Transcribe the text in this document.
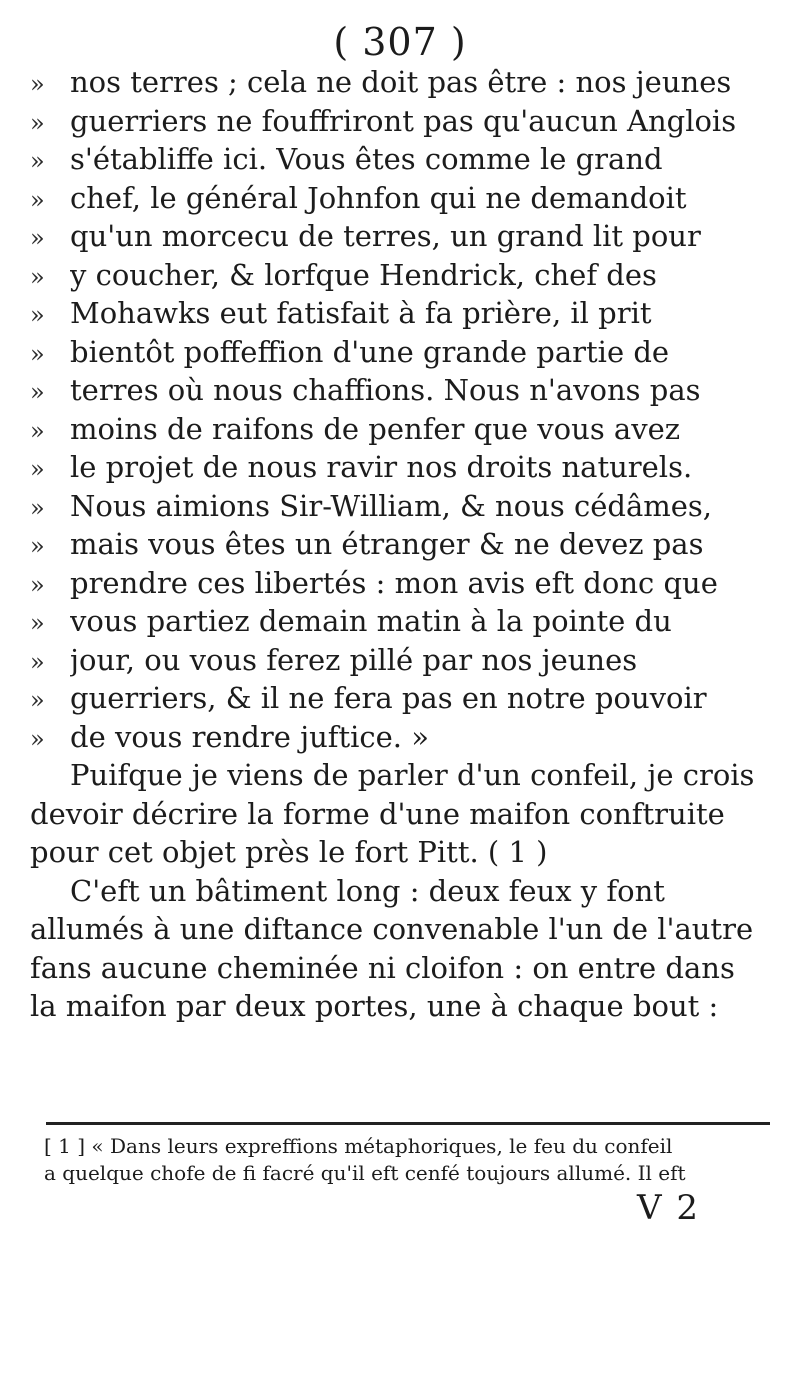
( 307 )
» nos terres ; cela ne doit pas être : nos jeunes
» guerriers ne fouffriront pas qu'aucun Anglois
» s'établiffe ici. Vous êtes comme le grand
» chef, le général Johnfon qui ne demandoit
» qu'un morcecu de terres, un grand lit pour
» y coucher, & lorfque Hendrick, chef des
» Mohawks eut fatisfait à fa prière, il prit
» bientôt poffeffion d'une grande partie de
» terres où nous chaffions. Nous n'avons pas
» moins de raifons de penfer que vous avez
» le projet de nous ravir nos droits naturels.
» Nous aimions Sir-William, & nous cédâmes,
» mais vous êtes un étranger & ne devez pas
» prendre ces libertés : mon avis eft donc que
» vous partiez demain matin à la pointe du
» jour, ou vous ferez pillé par nos jeunes
» guerriers, & il ne fera pas en notre pouvoir
» de vous rendre juftice. »
Puifque je viens de parler d'un confeil, je crois
devoir décrire la forme d'une maifon conftruite
pour cet objet près le fort Pitt. ( 1 )
C'eft un bâtiment long : deux feux y font
allumés à une diftance convenable l'un de l'autre
fans aucune cheminée ni cloifon : on entre dans
la maifon par deux portes, une à chaque bout :
[ 1 ] « Dans leurs expreffions métaphoriques, le feu du confeil
a quelque chofe de fi facré qu'il eft cenfé toujours allumé. Il eft
V 2
